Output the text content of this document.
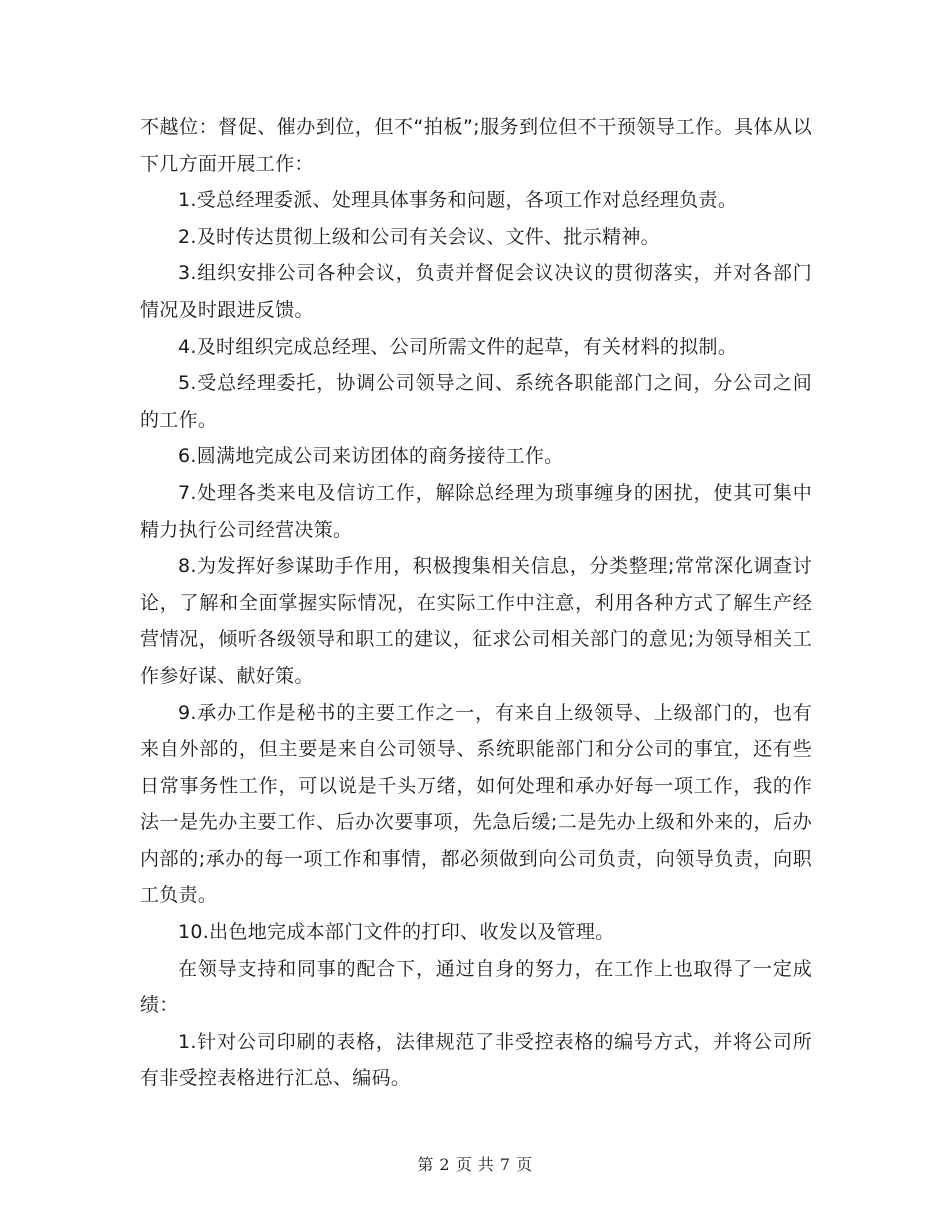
不越位：督促、催办到位，但不“拍板”;服务到位但不干预领导工作。具体从以下几方面开展工作：

1.受总经理委派、处理具体事务和问题，各项工作对总经理负责。

2.及时传达贯彻上级和公司有关会议、文件、批示精神。

3.组织安排公司各种会议，负责并督促会议决议的贯彻落实，并对各部门情况及时跟进反馈。

4.及时组织完成总经理、公司所需文件的起草，有关材料的拟制。

5.受总经理委托，协调公司领导之间、系统各职能部门之间，分公司之间的工作。

6.圆满地完成公司来访团体的商务接待工作。

7.处理各类来电及信访工作，解除总经理为琐事缠身的困扰，使其可集中精力执行公司经营决策。

8.为发挥好参谋助手作用，积极搜集相关信息，分类整理;常常深化调查讨论，了解和全面掌握实际情况，在实际工作中注意，利用各种方式了解生产经营情况，倾听各级领导和职工的建议，征求公司相关部门的意见;为领导相关工作参好谋、献好策。

9.承办工作是秘书的主要工作之一，有来自上级领导、上级部门的，也有来自外部的，但主要是来自公司领导、系统职能部门和分公司的事宜，还有些日常事务性工作，可以说是千头万绪，如何处理和承办好每一项工作，我的作法一是先办主要工作、后办次要事项，先急后缓;二是先办上级和外来的，后办内部的;承办的每一项工作和事情，都必须做到向公司负责，向领导负责，向职工负责。

10.出色地完成本部门文件的打印、收发以及管理。

在领导支持和同事的配合下，通过自身的努力，在工作上也取得了一定成绩：

1.针对公司印刷的表格，法律规范了非受控表格的编号方式，并将公司所有非受控表格进行汇总、编码。

第 2 页 共 7 页
